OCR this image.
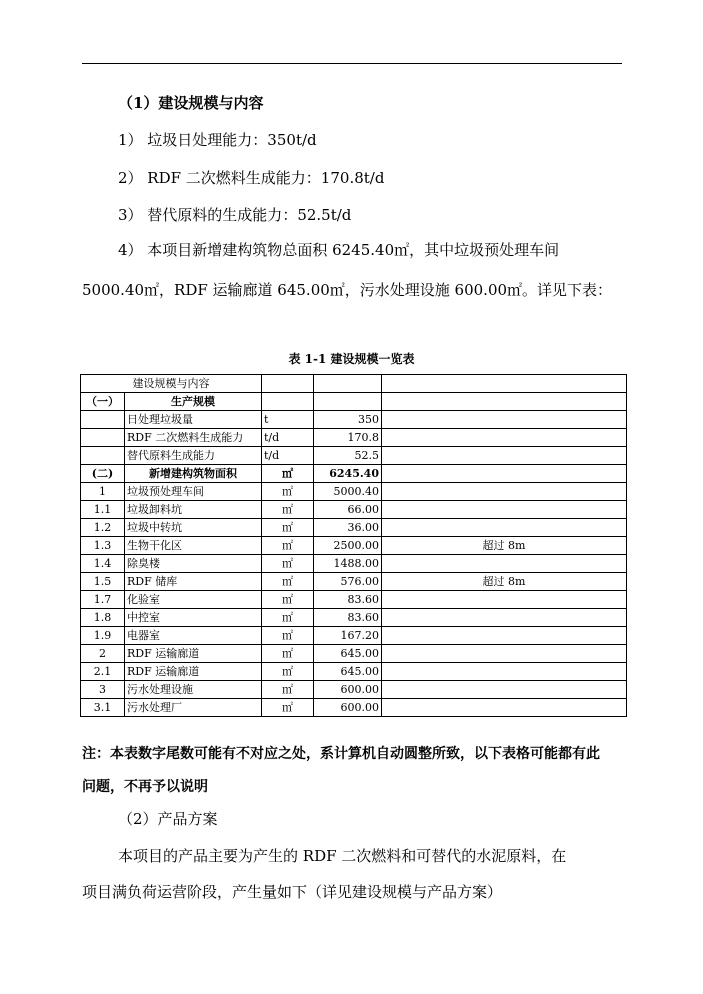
（1）建设规模与内容
1） 垃圾日处理能力：350t/d
2） RDF 二次燃料生成能力：170.8t/d
3） 替代原料的生成能力：52.5t/d
4） 本项目新增建构筑物总面积 6245.40㎡，其中垃圾预处理车间
5000.40㎡，RDF 运输廊道 645.00㎡，污水处理设施 600.00㎡。详见下表：
表 1-1 建设规模一览表
建设规模与内容				
（一）	生产规模			
	日处理垃圾量	t	350	
	RDF 二次燃料生成能力	t/d	170.8	
	替代原料生成能力	t/d	52.5	
(二)	新增建构筑物面积	㎡	6245.40	
1	垃圾预处理车间	㎡	5000.40	
1.1	垃圾卸料坑	㎡	66.00	
1.2	垃圾中转坑	㎡	36.00	
1.3	生物干化区	㎡	2500.00	超过 8m
1.4	除臭楼	㎡	1488.00	
1.5	RDF 储库	㎡	576.00	超过 8m
1.7	化验室	㎡	83.60	
1.8	中控室	㎡	83.60	
1.9	电器室	㎡	167.20	
2	RDF 运输廊道	㎡	645.00	
2.1	RDF 运输廊道	㎡	645.00	
3	污水处理设施	㎡	600.00	
3.1	污水处理厂	㎡	600.00	
注：本表数字尾数可能有不对应之处，系计算机自动圆整所致，以下表格可能都有此
问题，不再予以说明
（2）产品方案
本项目的产品主要为产生的 RDF 二次燃料和可替代的水泥原料，在
项目满负荷运营阶段，产生量如下（详见建设规模与产品方案）
